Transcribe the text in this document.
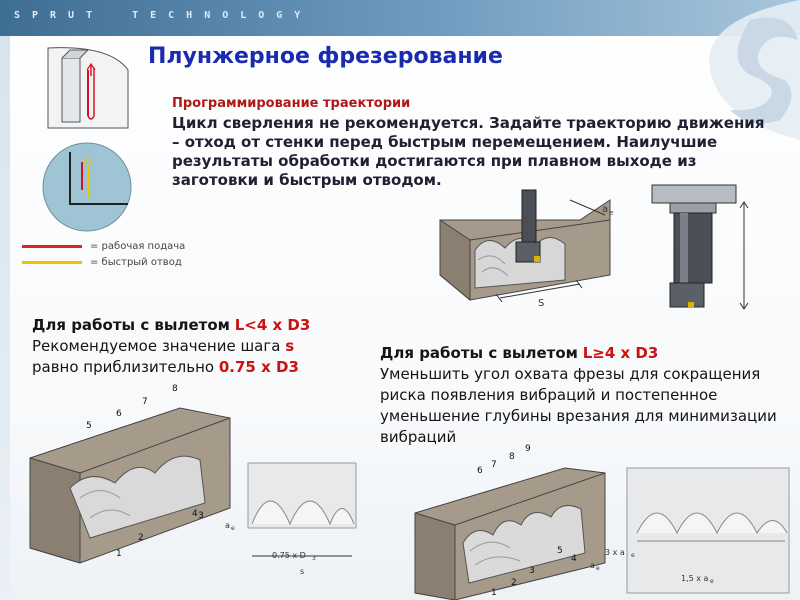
SPRUT	TECHNOLOGY
Плунжерное фрезерование
= рабочая подача
= быстрый отвод
a e
S
Программирование траектории
Цикл сверления не рекомендуется. Задайте траекторию движения – отход от стенки перед быстрым перемещением. Наилучшие результаты обработки достигаются при плавном выходе из заготовки и быстрым отводом.
Для работы с вылетом L<4 x D3 Рекомендуемое значение шага s равно приблизительно 0.75 x D3
Для работы с вылетом L≥4 x D3
Уменьшить угол охвата фрезы для сокращения риска появления вибраций и постепенное уменьшение глубины врезания для минимизации вибраций
0.75 x D 3
s
a e
1
2
3
4
5
6
7
8
a e
3 x a e
1,5 x a e
1
2
3
4
5
6
7
8
9
